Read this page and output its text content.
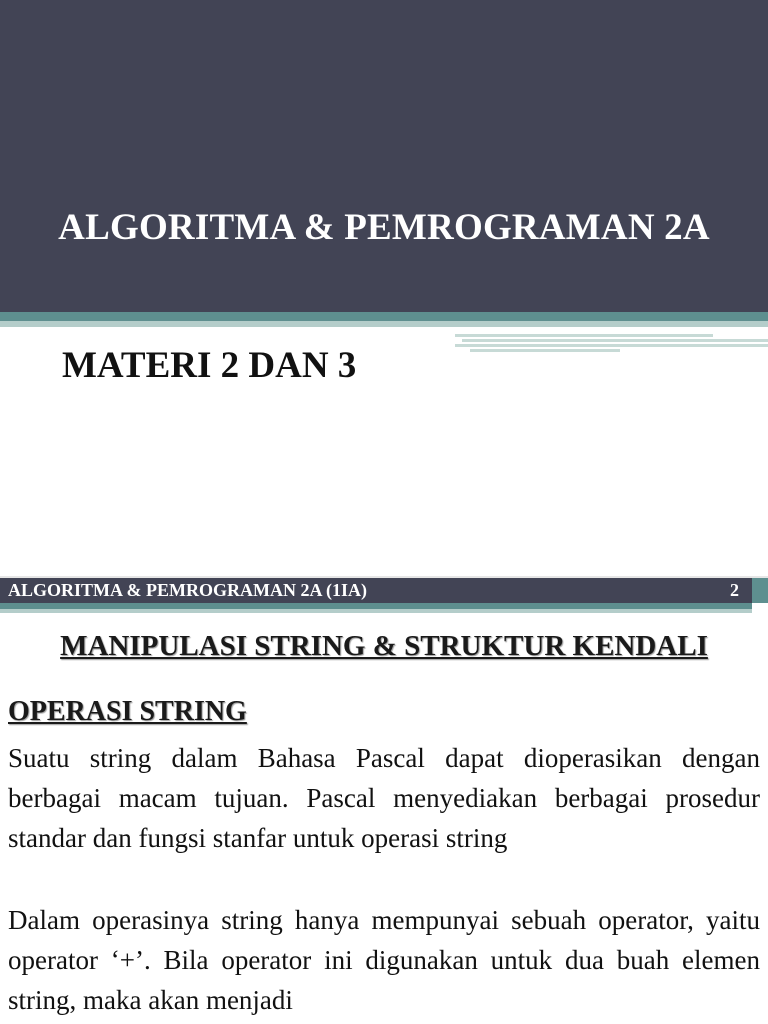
ALGORITMA & PEMROGRAMAN 2A
MATERI 2 DAN 3
ALGORITMA & PEMROGRAMAN 2A (1IA)	2
MANIPULASI STRING & STRUKTUR KENDALI
OPERASI STRING

Suatu string dalam Bahasa Pascal dapat dioperasikan dengan berbagai macam tujuan. Pascal menyediakan berbagai prosedur standar dan fungsi stanfar untuk operasi string

Dalam operasinya string hanya mempunyai sebuah operator, yaitu operator ‘+’. Bila operator ini digunakan untuk dua buah elemen string, maka akan menjadi
